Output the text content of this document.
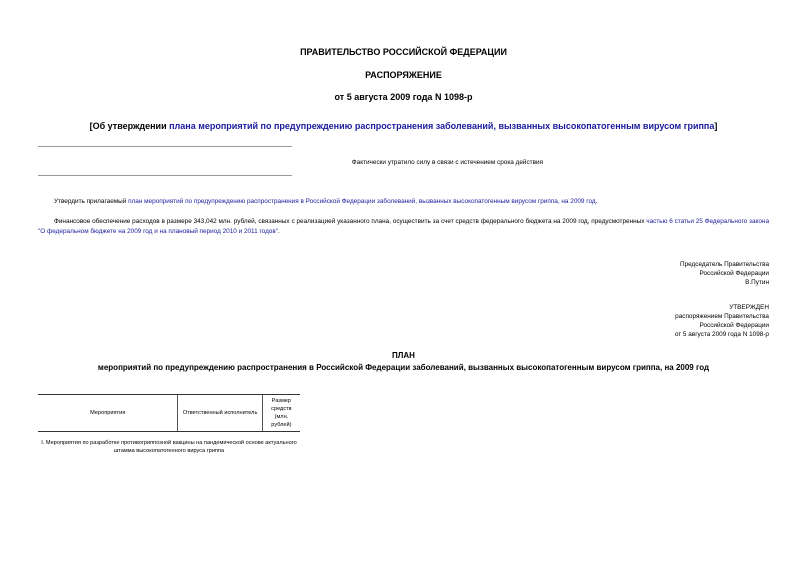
ПРАВИТЕЛЬСТВО РОССИЙСКОЙ ФЕДЕРАЦИИ
РАСПОРЯЖЕНИЕ
от 5 августа 2009 года N 1098-р
[Об утверждении плана мероприятий по предупреждению распространения заболеваний, вызванных высокопатогенным вирусом гриппа]
Фактически утратило силу в связи с истечением срока действия
Утвердить прилагаемый план мероприятий по предупреждению распространения в Российской Федерации заболеваний, вызванных высокопатогенным вирусом гриппа, на 2009 год.
Финансовое обеспечение расходов в размере 343,042 млн. рублей, связанных с реализацией указанного плана, осуществить за счет средств федерального бюджета на 2009 год, предусмотренных частью 6 статьи 25 Федерального закона "О федеральном бюджете на 2009 год и на плановый период 2010 и 2011 годов".
Председатель Правительства
Российской Федерации
В.Путин
УТВЕРЖДЕН
распоряжением Правительства
Российской Федерации
от 5 августа 2009 года N 1098-р
ПЛАН
мероприятий по предупреждению распространения в Российской Федерации заболеваний, вызванных высокопатогенным вирусом гриппа, на 2009 год
Мероприятия	Ответственный исполнитель	Размер средств (млн. рублей)
I. Мероприятия по разработке противогриппозной вакцины на пандемической основе актуального штамма высокопатогенного вируса гриппа
